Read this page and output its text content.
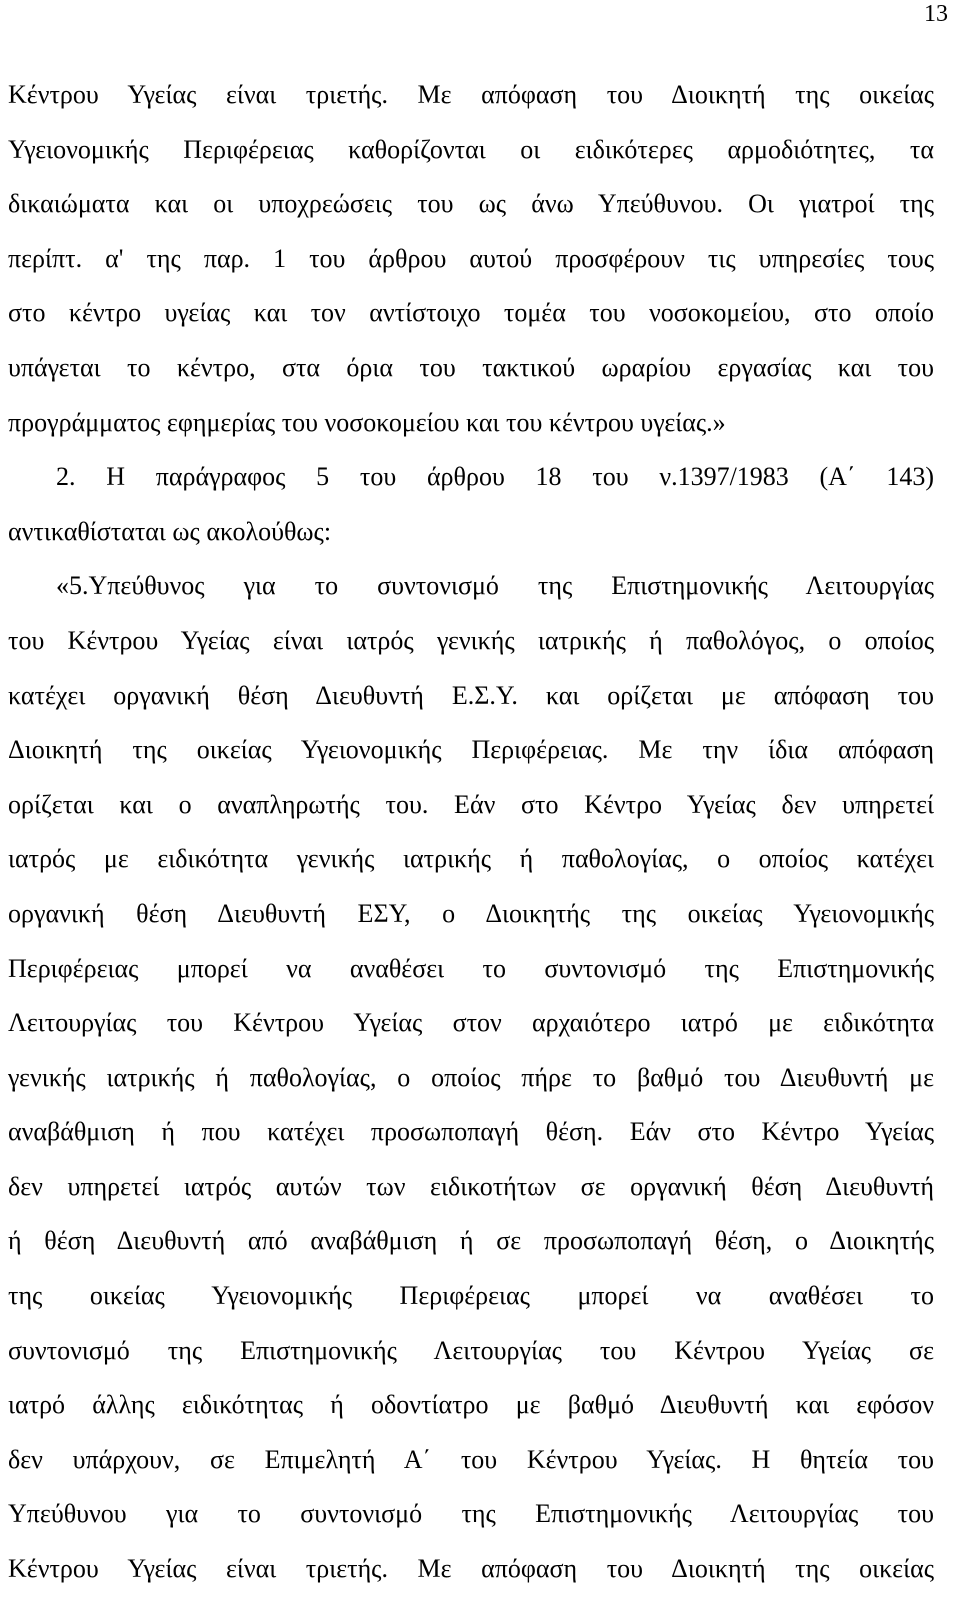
13
Κέντρου Υγείας είναι τριετής. Με απόφαση του Διοικητή της οικείας
Υγειονομικής Περιφέρειας καθορίζονται οι ειδικότερες αρμοδιότητες, τα
δικαιώματα και οι υποχρεώσεις του ως άνω Υπεύθυνου. Οι γιατροί της
περίπτ. α' της παρ. 1 του άρθρου αυτού προσφέρουν τις υπηρεσίες τους
στο κέντρο υγείας και τον αντίστοιχο τομέα του νοσοκομείου, στο οποίο
υπάγεται το κέντρο, στα όρια του τακτικού ωραρίου εργασίας και του
προγράμματος εφημερίας του νοσοκομείου και του κέντρου υγείας.»
2. Η παράγραφος 5 του άρθρου 18 του ν.1397/1983 (Α΄ 143)
αντικαθίσταται ως ακολούθως:
«5.Υπεύθυνος για το συντονισμό της Επιστημονικής Λειτουργίας
του Κέντρου Υγείας είναι ιατρός γενικής ιατρικής ή παθολόγος, ο οποίος
κατέχει οργανική θέση Διευθυντή Ε.Σ.Υ. και ορίζεται με απόφαση του
Διοικητή της οικείας Υγειονομικής Περιφέρειας. Με την ίδια απόφαση
ορίζεται και ο αναπληρωτής του. Εάν στο Κέντρο Υγείας δεν υπηρετεί
ιατρός με ειδικότητα γενικής ιατρικής ή παθολογίας, ο οποίος κατέχει
οργανική θέση Διευθυντή ΕΣΥ, ο Διοικητής της οικείας Υγειονομικής
Περιφέρειας μπορεί να αναθέσει το συντονισμό της Επιστημονικής
Λειτουργίας του Κέντρου Υγείας στον αρχαιότερο ιατρό με ειδικότητα
γενικής ιατρικής ή παθολογίας, ο οποίος πήρε το βαθμό του Διευθυντή με
αναβάθμιση ή που κατέχει προσωποπαγή θέση. Εάν στο Κέντρο Υγείας
δεν υπηρετεί ιατρός αυτών των ειδικοτήτων σε οργανική θέση Διευθυντή
ή θέση Διευθυντή από αναβάθμιση ή σε προσωποπαγή θέση, ο Διοικητής
της οικείας Υγειονομικής Περιφέρειας μπορεί να αναθέσει το
συντονισμό της Επιστημονικής Λειτουργίας του Κέντρου Υγείας σε
ιατρό άλλης ειδικότητας ή οδοντίατρο με βαθμό Διευθυντή και εφόσον
δεν υπάρχουν, σε Επιμελητή Α΄ του Κέντρου Υγείας. Η θητεία του
Υπεύθυνου για το συντονισμό της Επιστημονικής Λειτουργίας του
Κέντρου Υγείας είναι τριετής. Με απόφαση του Διοικητή της οικείας
